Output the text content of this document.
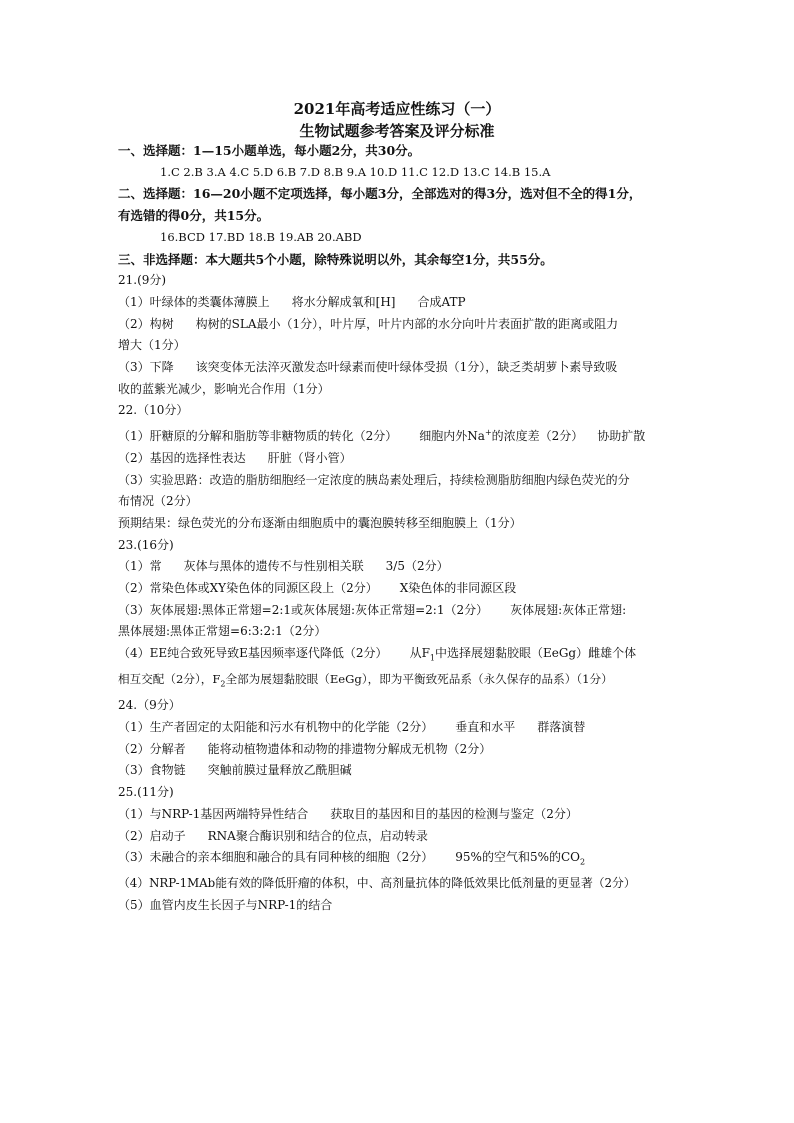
2021年高考适应性练习（一）
生物试题参考答案及评分标准
一、选择题：1—15小题单选，每小题2分，共30分。
1.C 2.B 3.A 4.C 5.D 6.B 7.D 8.B 9.A 10.D 11.C 12.D 13.C 14.B 15.A
二、选择题：16—20小题不定项选择，每小题3分，全部选对的得3分，选对但不全的得1分，
有选错的得0分，共15分。
16.BCD 17.BD 18.B 19.AB 20.ABD
三、非选择题：本大题共5个小题，除特殊说明以外，其余每空1分，共55分。
21.(9分)
（1）叶绿体的类囊体薄膜上 将水分解成氧和[H] 合成ATP
（2）构树 构树的SLA最小（1分），叶片厚，叶片内部的水分向叶片表面扩散的距离或阻力
增大（1分）
（3）下降 该突变体无法淬灭激发态叶绿素而使叶绿体受损（1分），缺乏类胡萝卜素导致吸
收的蓝紫光减少，影响光合作用（1分）
22.（10分）
（1）肝糖原的分解和脂肪等非糖物质的转化（2分） 细胞内外Na+的浓度差（2分） 协助扩散
（2）基因的选择性表达 肝脏（肾小管）
（3）实验思路：改造的脂肪细胞经一定浓度的胰岛素处理后，持续检测脂肪细胞内绿色荧光的分
布情况（2分）
预期结果：绿色荧光的分布逐渐由细胞质中的囊泡膜转移至细胞膜上（1分）
23.(16分)
（1）常 灰体与黑体的遗传不与性别相关联 3/5（2分）
（2）常染色体或XY染色体的同源区段上（2分） X染色体的非同源区段
（3）灰体展翅:黑体正常翅=2:1或灰体展翅:灰体正常翅=2:1（2分） 灰体展翅:灰体正常翅:
黑体展翅:黑体正常翅=6:3:2:1（2分）
（4）EE纯合致死导致E基因频率逐代降低（2分） 从$F_1$中选择展翅黏胶眼（EeGg）雌雄个体
相互交配（2分），$F_2$全部为展翅黏胶眼（EeGg），即为平衡致死品系（永久保存的品系）（1分）
24.（9分）
（1）生产者固定的太阳能和污水有机物中的化学能（2分） 垂直和水平 群落演替
（2）分解者 能将动植物遗体和动物的排遗物分解成无机物（2分）
（3）食物链 突触前膜过量释放乙酰胆碱
25.(11分)
（1）与NRP-1基因两端特异性结合 获取目的基因和目的基因的检测与鉴定（2分）
（2）启动子 RNA聚合酶识别和结合的位点，启动转录
（3）未融合的亲本细胞和融合的具有同种核的细胞（2分） 95%的空气和5%的$CO_2$
（4）NRP-1MAb能有效的降低肝瘤的体积，中、高剂量抗体的降低效果比低剂量的更显著（2分）
（5）血管内皮生长因子与NRP-1的结合
